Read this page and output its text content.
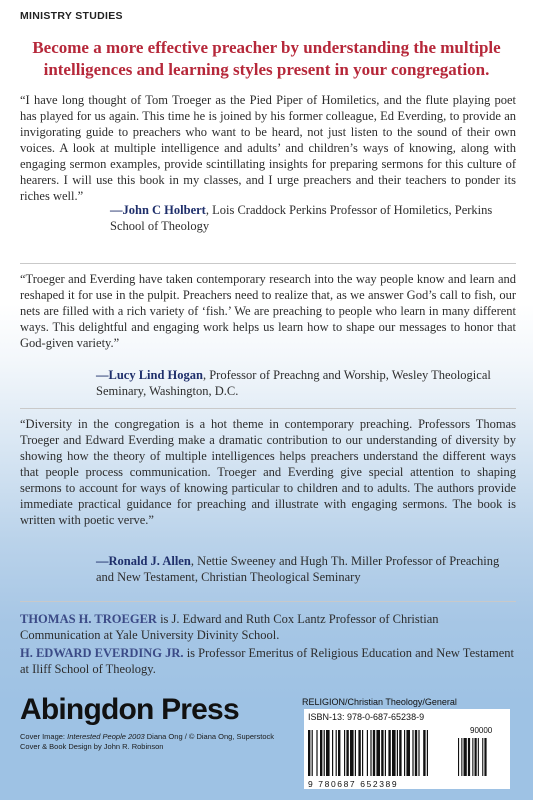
MINISTRY STUDIES
Become a more effective preacher by understanding the multiple intelligences and learning styles present in your congregation.
“I have long thought of Tom Troeger as the Pied Piper of Homiletics, and the flute playing poet has played for us again. This time he is joined by his former colleague, Ed Everding, to provide an invigorating guide to preachers who want to be heard, not just listen to the sound of their own voices. A look at multiple intelligence and adults’ and children’s ways of knowing, along with engaging sermon examples, provide scintillating insights for preparing sermons for this culture of hearers. I will use this book in my classes, and I urge preachers and their teachers to ponder its riches well.”
—John C Holbert, Lois Craddock Perkins Professor of Homiletics, Perkins School of Theology
“Troeger and Everding have taken contemporary research into the way people know and learn and reshaped it for use in the pulpit. Preachers need to realize that, as we answer God’s call to fish, our nets are filled with a rich variety of ‘fish.’ We are preaching to people who learn in many different ways. This delightful and engaging work helps us learn how to shape our messages to honor that God-given variety.”
—Lucy Lind Hogan, Professor of Preachng and Worship, Wesley Theological Seminary, Washington, D.C.
“Diversity in the congregation is a hot theme in contemporary preaching. Professors Thomas Troeger and Edward Everding make a dramatic contribution to our understanding of diversity by showing how the theory of multiple intelligences helps preachers understand the different ways that people process communication. Troeger and Everding give special attention to shaping sermons to account for ways of knowing particular to children and to adults. The authors provide immediate practical guidance for preaching and illustrate with engaging sermons. The book is written with poetic verve.”
—Ronald J. Allen, Nettie Sweeney and Hugh Th. Miller Professor of Preaching and New Testament, Christian Theological Seminary
THOMAS H. TROEGER is J. Edward and Ruth Cox Lantz Professor of Christian Communication at Yale University Divinity School.
H. EDWARD EVERDING JR. is Professor Emeritus of Religious Education and New Testament at Iliff School of Theology.
Abingdon Press
Cover Image: Interested People 2003 Diana Ong / © Diana Ong, Superstock
Cover & Book Design by John R. Robinson
RELIGION/Christian Theology/General
ISBN-13: 978-0-687-65238-9
90000
9 780687 652389
